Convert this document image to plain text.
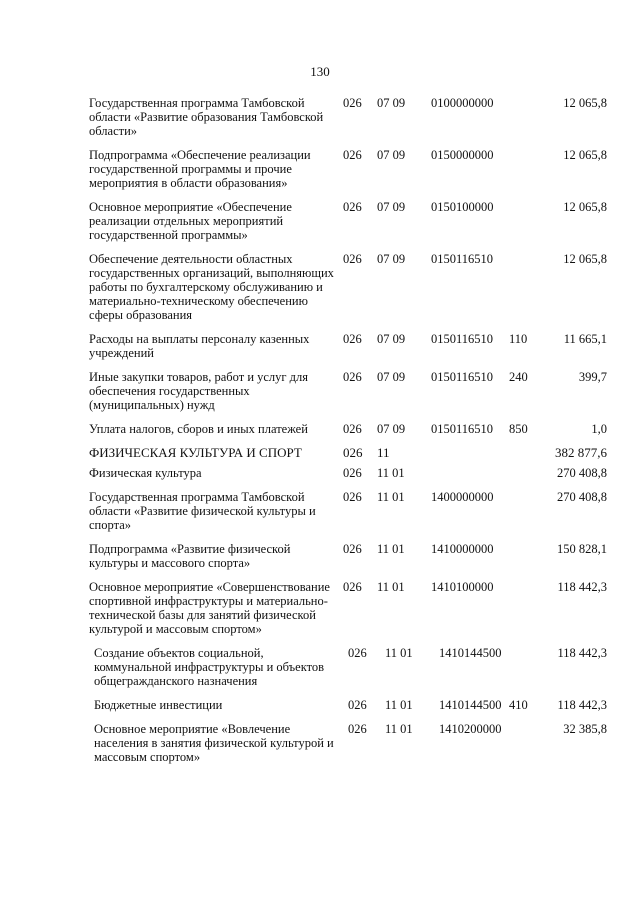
130
Государственная программа Тамбовской области «Развитие образования Тамбовской области»	026	07 09	0100000000		12 065,8
Подпрограмма «Обеспечение реализации государственной программы и прочие мероприятия в области образования»	026	07 09	0150000000		12 065,8
Основное мероприятие «Обеспечение реализации отдельных мероприятий государственной программы»	026	07 09	0150100000		12 065,8
Обеспечение деятельности областных государственных организаций, выполняющих работы по бухгалтерскому обслуживанию и материально-техническому обеспечению сферы образования	026	07 09	0150116510		12 065,8
Расходы на выплаты персоналу казенных учреждений	026	07 09	0150116510	110	11 665,1
Иные закупки товаров, работ и услуг для обеспечения государственных (муниципальных) нужд	026	07 09	0150116510	240	399,7
Уплата налогов, сборов и иных платежей	026	07 09	0150116510	850	1,0
ФИЗИЧЕСКАЯ КУЛЬТУРА И СПОРТ	026	11			382 877,6
Физическая культура	026	11 01			270 408,8
Государственная программа Тамбовской области «Развитие физической культуры и спорта»	026	11 01	1400000000		270 408,8
Подпрограмма «Развитие физической культуры и массового спорта»	026	11 01	1410000000		150 828,1
Основное мероприятие «Совершенствование спортивной инфраструктуры и материально-технической базы для занятий физической культурой и массовым спортом»	026	11 01	1410100000		118 442,3
Создание объектов социальной, коммунальной инфраструктуры и объектов общегражданского назначения	026	11 01	1410144500		118 442,3
Бюджетные инвестиции	026	11 01	1410144500	410	118 442,3
Основное мероприятие «Вовлечение населения в занятия физической культурой и массовым спортом»	026	11 01	1410200000		32 385,8
